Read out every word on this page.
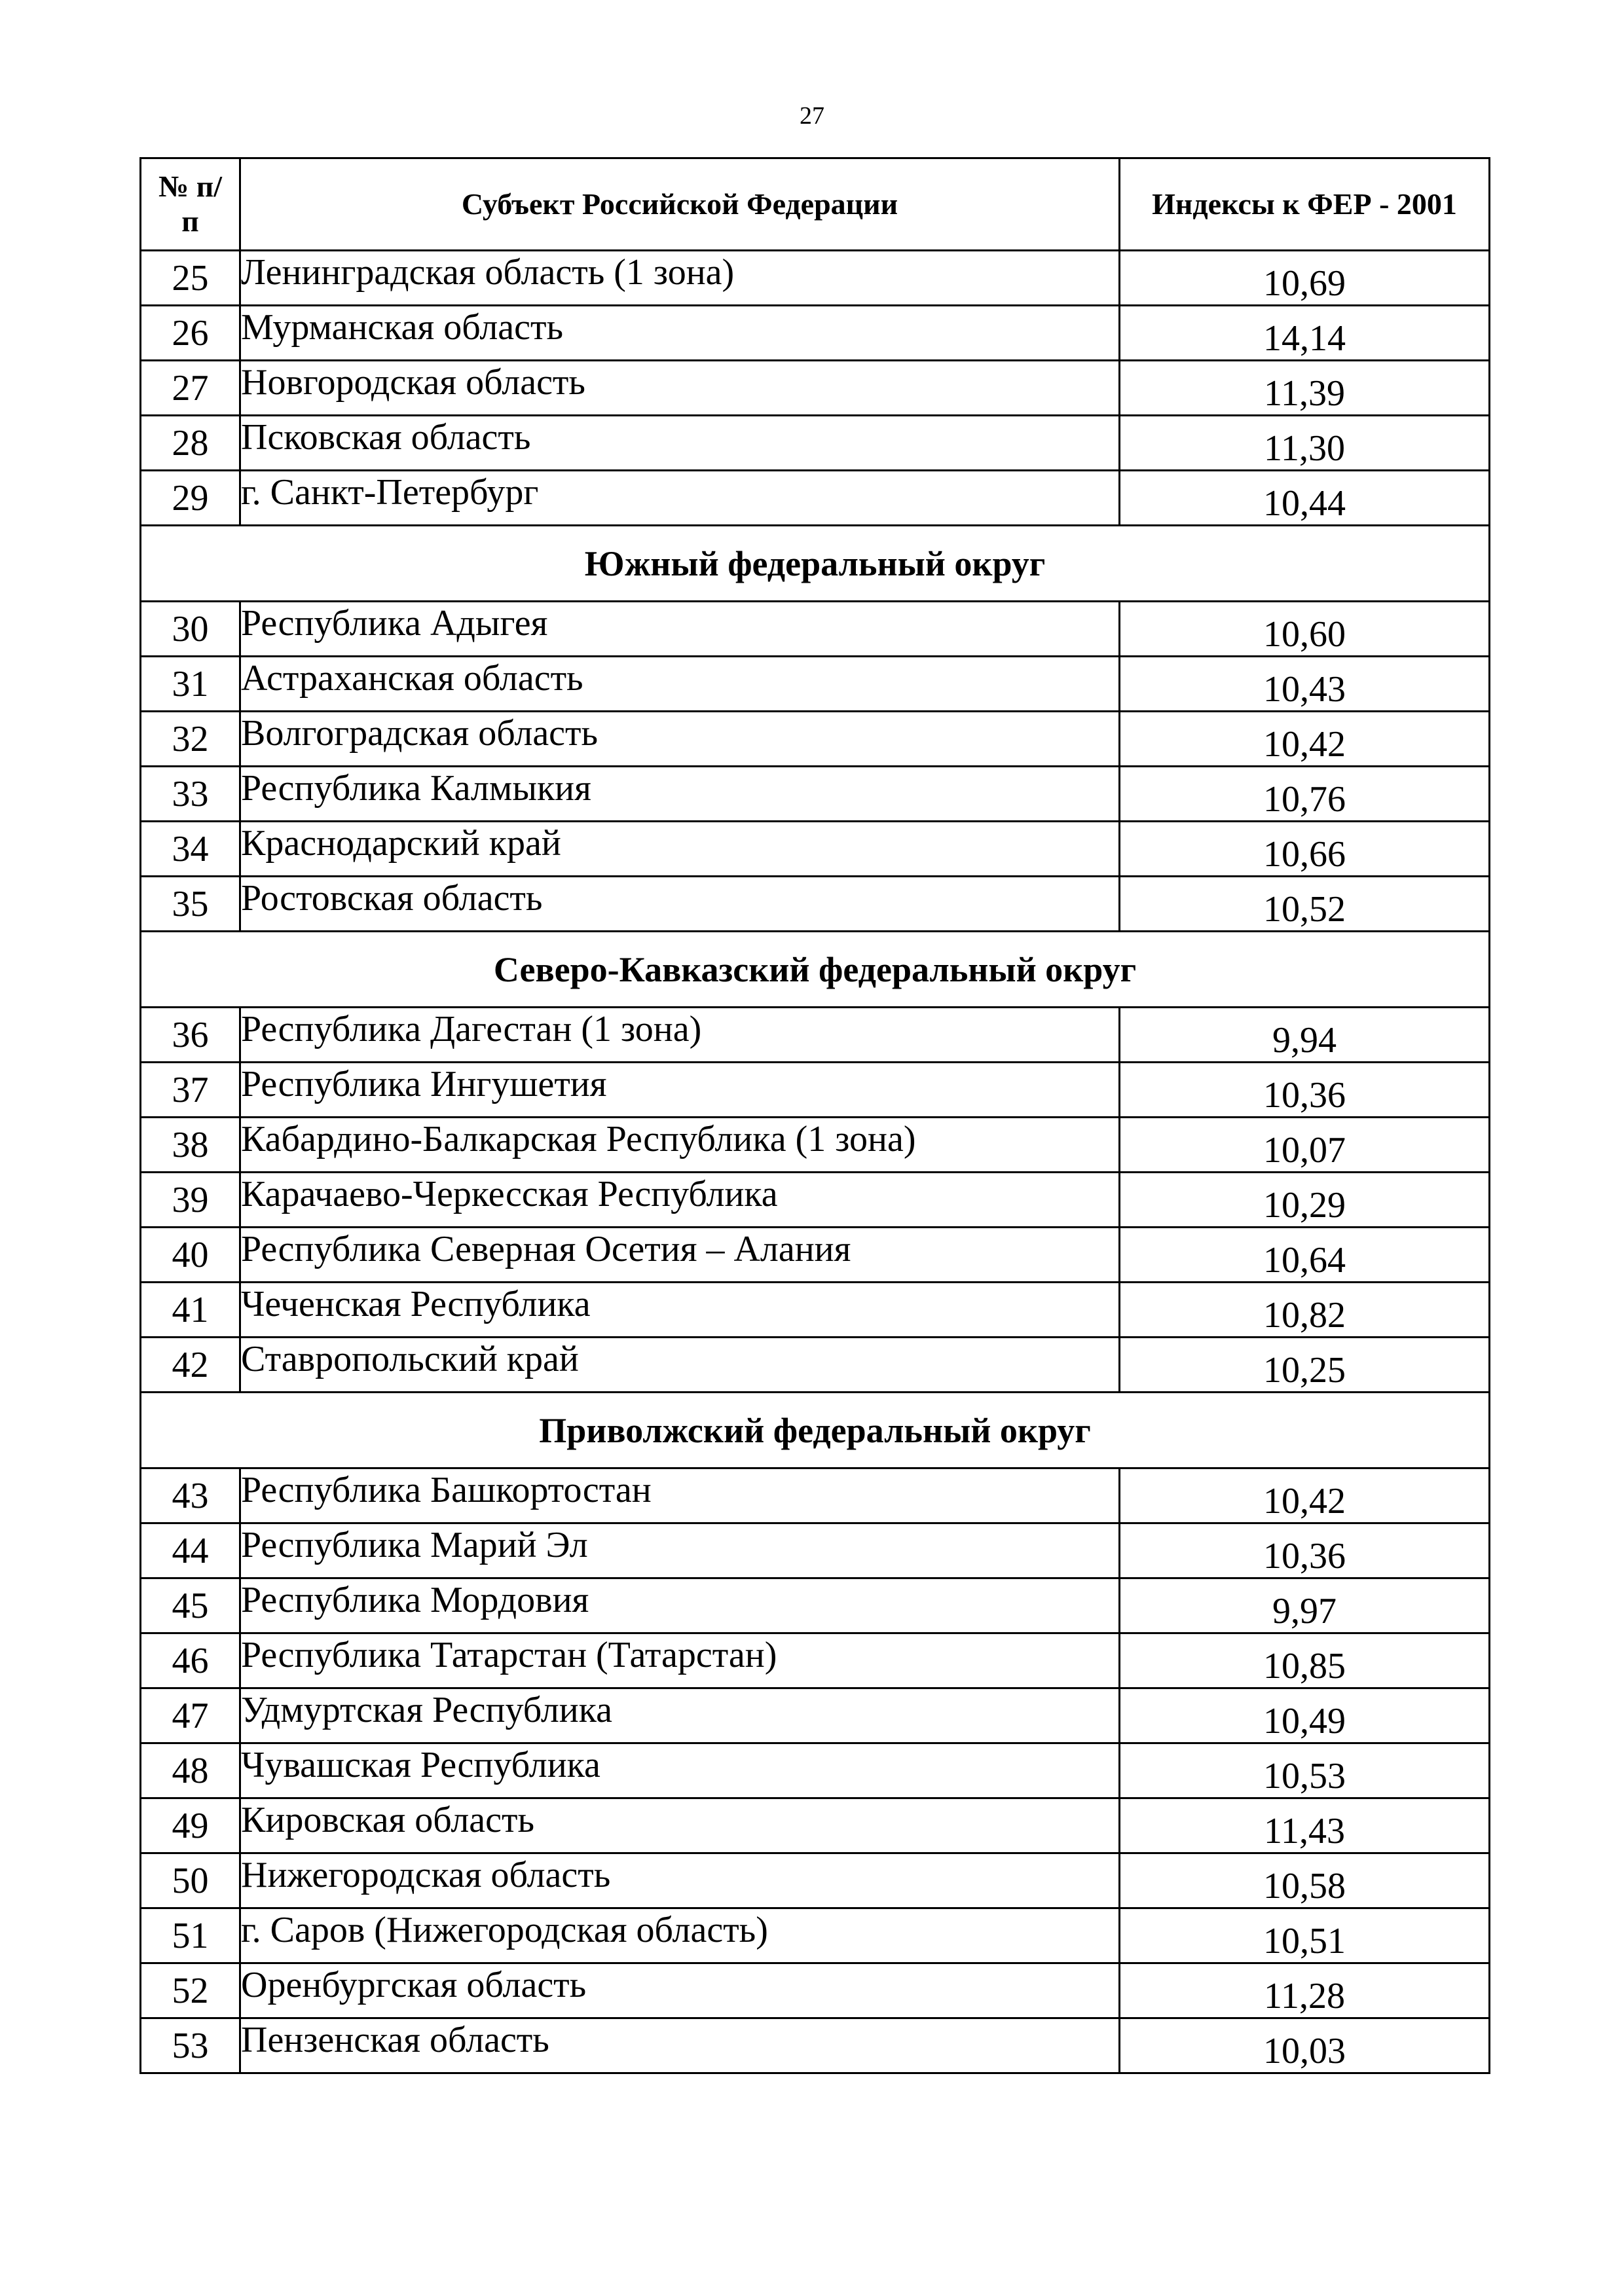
27
№ п/п	Субъект Российской Федерации	Индексы к ФЕР - 2001
25	Ленинградская область (1 зона)	10,69
26	Мурманская область	14,14
27	Новгородская область	11,39
28	Псковская область	11,30
29	г. Санкт-Петербург	10,44
Южный федеральный округ		
30	Республика Адыгея	10,60
31	Астраханская область	10,43
32	Волгоградская область	10,42
33	Республика Калмыкия	10,76
34	Краснодарский край	10,66
35	Ростовская область	10,52
Северо-Кавказский федеральный округ		
36	Республика Дагестан (1 зона)	9,94
37	Республика Ингушетия	10,36
38	Кабардино-Балкарская Республика (1 зона)	10,07
39	Карачаево-Черкесская Республика	10,29
40	Республика Северная Осетия – Алания	10,64
41	Чеченская Республика	10,82
42	Ставропольский край	10,25
Приволжский федеральный округ		
43	Республика Башкортостан	10,42
44	Республика Марий Эл	10,36
45	Республика Мордовия	9,97
46	Республика Татарстан (Татарстан)	10,85
47	Удмуртская Республика	10,49
48	Чувашская Республика	10,53
49	Кировская область	11,43
50	Нижегородская область	10,58
51	г. Саров (Нижегородская область)	10,51
52	Оренбургская область	11,28
53	Пензенская область	10,03
